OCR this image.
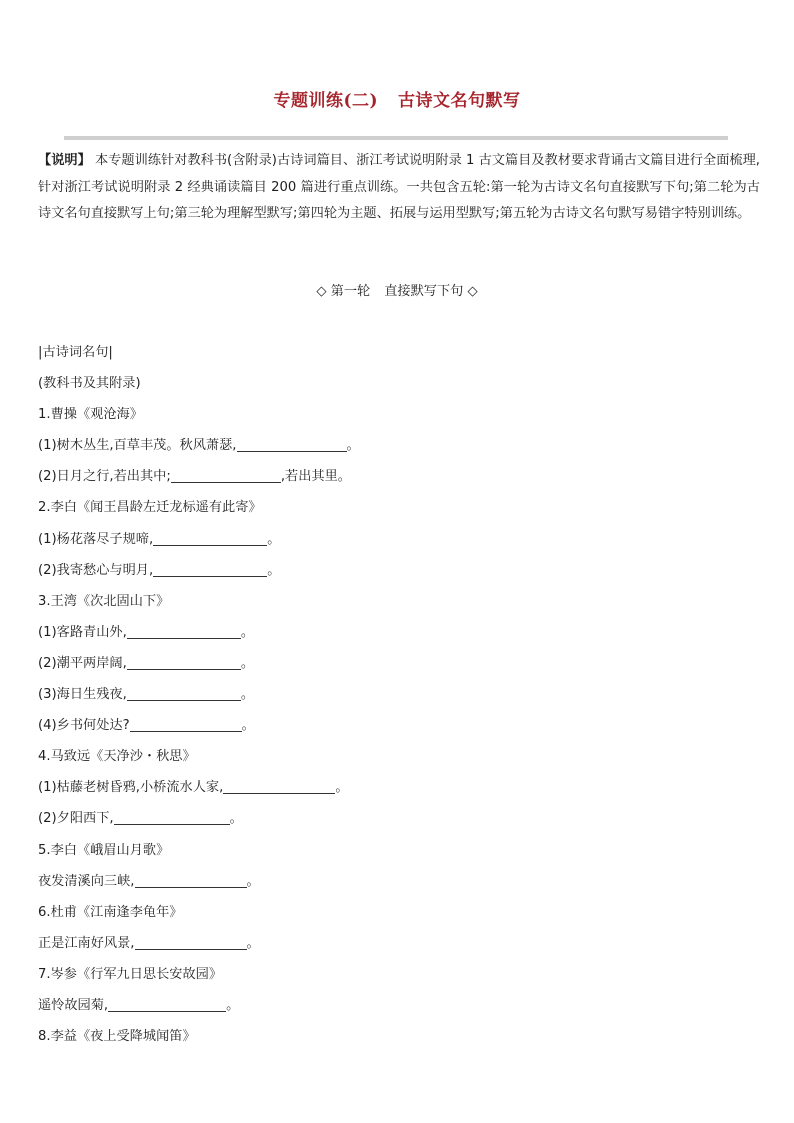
专题训练(二) 古诗文名句默写
【说明】 本专题训练针对教科书(含附录)古诗词篇目、浙江考试说明附录 1 古文篇目及教材要求背诵古文篇目进行全面梳理,针对浙江考试说明附录 2 经典诵读篇目 200 篇进行重点训练。一共包含五轮:第一轮为古诗文名句直接默写下句;第二轮为古诗文名句直接默写上句;第三轮为理解型默写;第四轮为主题、拓展与运用型默写;第五轮为古诗文名句默写易错字特别训练。
◇ 第一轮 直接默写下句 ◇
|古诗词名句|
(教科书及其附录)
1.曹操《观沧海》
(1)树木丛生,百草丰茂。秋风萧瑟,	。
(2)日月之行,若出其中;	,若出其里。
2.李白《闻王昌龄左迁龙标遥有此寄》
(1)杨花落尽子规啼,	。
(2)我寄愁心与明月,	。
3.王湾《次北固山下》
(1)客路青山外,	。
(2)潮平两岸阔,	。
(3)海日生残夜,	。
(4)乡书何处达?	。
4.马致远《天净沙・秋思》
(1)枯藤老树昏鸦,小桥流水人家,	。
(2)夕阳西下,	。
5.李白《峨眉山月歌》
夜发清溪向三峡,	。
6.杜甫《江南逢李龟年》
正是江南好风景,	。
7.岑参《行军九日思长安故园》
遥怜故园菊,	。
8.李益《夜上受降城闻笛》
